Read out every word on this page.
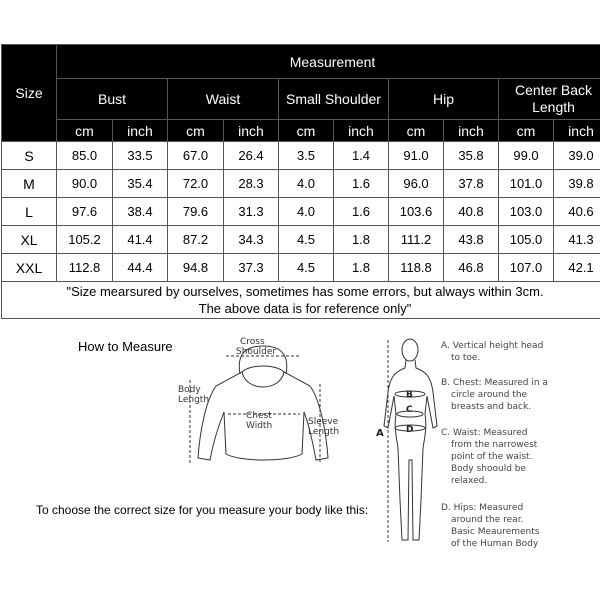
Size	Measurement									
	Bust		Waist		Small Shoulder		Hip		Center Back
Length	
	cm	inch	cm	inch	cm	inch	cm	inch	cm	inch
S	85.0	33.5	67.0	26.4	3.5	1.4	91.0	35.8	99.0	39.0
M	90.0	35.4	72.0	28.3	4.0	1.6	96.0	37.8	101.0	39.8
L	97.6	38.4	79.6	31.3	4.0	1.6	103.6	40.8	103.0	40.6
XL	105.2	41.4	87.2	34.3	4.5	1.8	111.2	43.8	105.0	41.3
XXL	112.8	44.4	94.8	37.3	4.5	1.8	118.8	46.8	107.0	42.1
"Size mearsured by ourselves, sometimes has some errors, but always within 3cm.
The above data is for reference only"										
How to Measure
To choose the correct size for you measure your body like this:
Cross
Shoulder
Body
Length
Chest
Width	Sleeve
Length	A
B
C
D
A. Vertical height head
to toe.
B. Chest: Measured in a
circle around the
breasts and back.
C. Waist: Measured
from the narrowest
point of the waist.
Body shoould be
relaxed.
D. Hips: Measured
around the rear.
Basic Meaurements
of the Human Body
